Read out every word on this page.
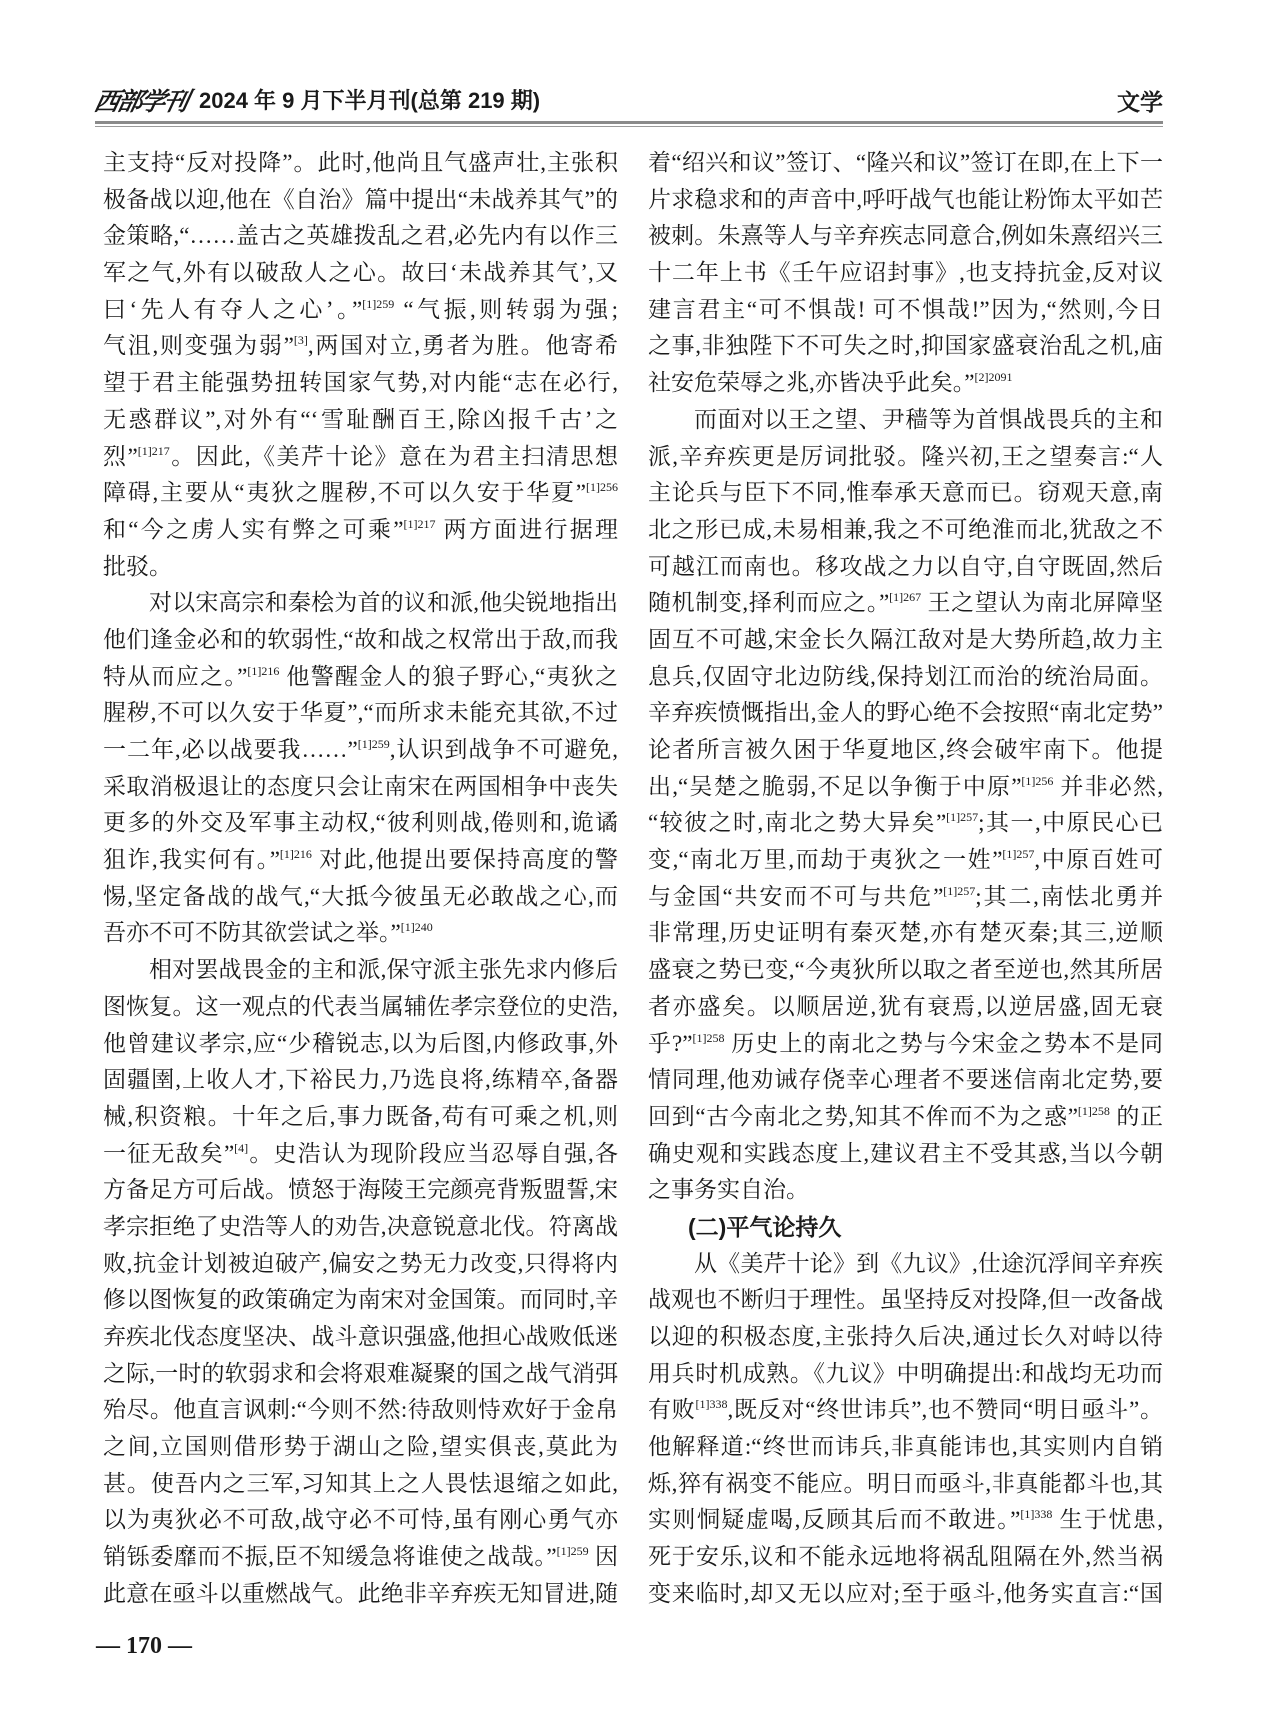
西部学刊 2024 年 9 月下半月刊(总第 219 期)	文学
主支持“反对投降”。此时,他尚且气盛声壮,主张积
极备战以迎,他在《自治》篇中提出“未战养其气”的
金策略,“……盖古之英雄拨乱之君,必先内有以作三
军之气,外有以破敌人之心。故曰‘未战养其气’,又
曰‘先人有夺人之心’。”$^{[1]259}$ “气振,则转弱为强;
气沮,则变强为弱”[3],两国对立,勇者为胜。他寄希
望于君主能强势扭转国家气势,对内能“志在必行,
无惑群议”,对外有“‘雪耻酬百王,除凶报千古’之
烈”$^{[1]217}$。因此,《美芹十论》意在为君主扫清思想
障碍,主要从“夷狄之腥秽,不可以久安于华夏”$^{[1]256}$
和“今之虏人实有弊之可乘”$^{[1]217}$ 两方面进行据理
批驳。
对以宋高宗和秦桧为首的议和派,他尖锐地指出
他们逢金必和的软弱性,“故和战之权常出于敌,而我
特从而应之。”$^{[1]216}$ 他警醒金人的狼子野心,“夷狄之
腥秽,不可以久安于华夏”,“而所求未能充其欲,不过
一二年,必以战要我……”$^{[1]259}$,认识到战争不可避免,
采取消极退让的态度只会让南宋在两国相争中丧失
更多的外交及军事主动权,“彼利则战,倦则和,诡谲
狙诈,我实何有。”$^{[1]216}$ 对此,他提出要保持高度的警
惕,坚定备战的战气,“大抵今彼虽无必敢战之心,而
吾亦不可不防其欲尝试之举。”$^{[1]240}$
相对罢战畏金的主和派,保守派主张先求内修后
图恢复。这一观点的代表当属辅佐孝宗登位的史浩,
他曾建议孝宗,应“少稽锐志,以为后图,内修政事,外
固疆圉,上收人才,下裕民力,乃选良将,练精卒,备器
械,积资粮。十年之后,事力既备,苟有可乘之机,则
一征无敌矣”[4]。史浩认为现阶段应当忍辱自强,各
方备足方可后战。愤怒于海陵王完颜亮背叛盟誓,宋
孝宗拒绝了史浩等人的劝告,决意锐意北伐。符离战
败,抗金计划被迫破产,偏安之势无力改变,只得将内
修以图恢复的政策确定为南宋对金国策。而同时,辛
弃疾北伐态度坚决、战斗意识强盛,他担心战败低迷
之际,一时的软弱求和会将艰难凝聚的国之战气消弭
殆尽。他直言讽刺:“今则不然:待敌则恃欢好于金帛
之间,立国则借形势于湖山之险,望实俱丧,莫此为
甚。使吾内之三军,习知其上之人畏怯退缩之如此,
以为夷狄必不可敌,战守必不可恃,虽有刚心勇气亦
销铄委靡而不振,臣不知缓急将谁使之战哉。”$^{[1]259}$ 因
此意在亟斗以重燃战气。此绝非辛弃疾无知冒进,随
着“绍兴和议”签订、“隆兴和议”签订在即,在上下一
片求稳求和的声音中,呼吁战气也能让粉饰太平如芒
被刺。朱熹等人与辛弃疾志同意合,例如朱熹绍兴三
十二年上书《壬午应诏封事》,也支持抗金,反对议
建言君主“可不惧哉! 可不惧哉!”因为,“然则,今日
之事,非独陛下不可失之时,抑国家盛衰治乱之机,庙
社安危荣辱之兆,亦皆决乎此矣。”$^{[2]2091}$
而面对以王之望、尹穑等为首惧战畏兵的主和
派,辛弃疾更是厉词批驳。隆兴初,王之望奏言:“人
主论兵与臣下不同,惟奉承天意而已。窃观天意,南
北之形已成,未易相兼,我之不可绝淮而北,犹敌之不
可越江而南也。移攻战之力以自守,自守既固,然后
随机制变,择利而应之。”$^{[1]267}$ 王之望认为南北屏障坚
固互不可越,宋金长久隔江敌对是大势所趋,故力主
息兵,仅固守北边防线,保持划江而治的统治局面。
辛弃疾愤慨指出,金人的野心绝不会按照“南北定势”
论者所言被久困于华夏地区,终会破牢南下。他提
出,“吴楚之脆弱,不足以争衡于中原”$^{[1]256}$ 并非必然,
“较彼之时,南北之势大异矣”$^{[1]257}$;其一,中原民心已
变,“南北万里,而劫于夷狄之一姓”$^{[1]257}$,中原百姓可
与金国“共安而不可与共危”$^{[1]257}$;其二,南怯北勇并
非常理,历史证明有秦灭楚,亦有楚灭秦;其三,逆顺
盛衰之势已变,“今夷狄所以取之者至逆也,然其所居
者亦盛矣。以顺居逆,犹有衰焉,以逆居盛,固无衰
乎?”$^{[1]258}$ 历史上的南北之势与今宋金之势本不是同
情同理,他劝诫存侥幸心理者不要迷信南北定势,要
回到“古今南北之势,知其不侔而不为之惑”$^{[1]258}$ 的正
确史观和实践态度上,建议君主不受其惑,当以今朝
之事务实自治。
(二)平气论持久
从《美芹十论》到《九议》,仕途沉浮间辛弃疾
战观也不断归于理性。虽坚持反对投降,但一改备战
以迎的积极态度,主张持久后决,通过长久对峙以待
用兵时机成熟。《九议》中明确提出:和战均无功而
有败$^{[1]338}$,既反对“终世讳兵”,也不赞同“明日亟斗”。
他解释道:“终世而讳兵,非真能讳也,其实则内自销
烁,猝有祸变不能应。明日而亟斗,非真能都斗也,其
实则恫疑虚喝,反顾其后而不敢进。”$^{[1]338}$ 生于忧患,
死于安乐,议和不能永远地将祸乱阻隔在外,然当祸
变来临时,却又无以应对;至于亟斗,他务实直言:“国
— 170 —
